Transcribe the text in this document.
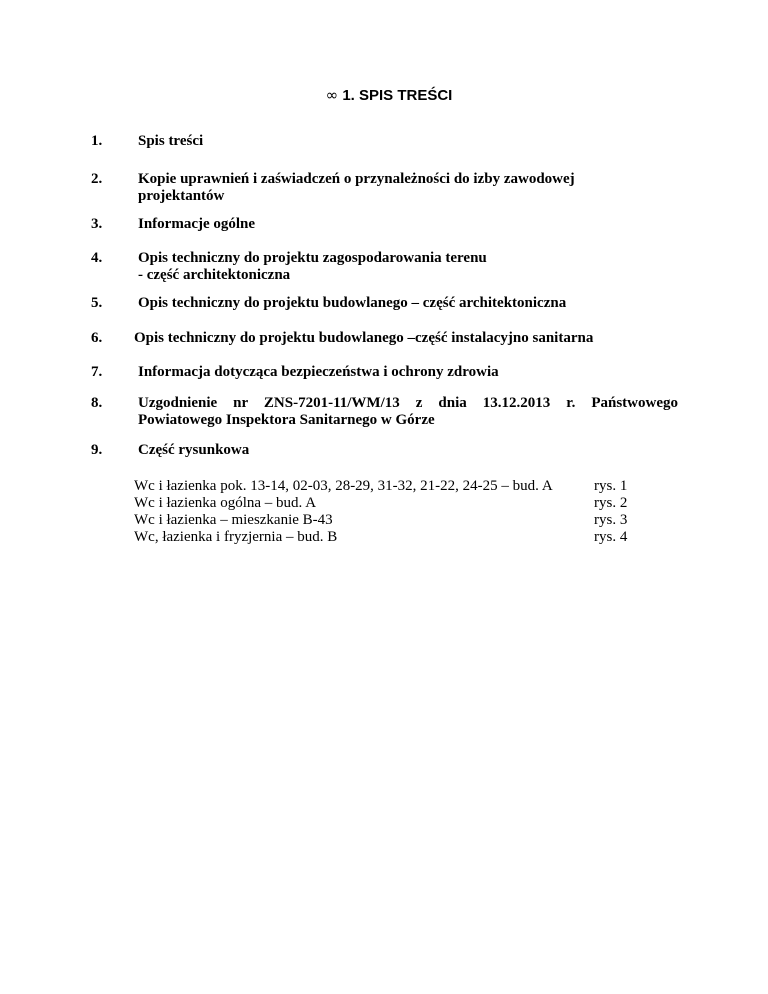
∞ 1. SPIS TREŚCI
1. Spis treści
2. Kopie uprawnień i zaświadczeń o przynależności do izby zawodowej
projektantów
3. Informacje ogólne
4. Opis techniczny do projektu zagospodarowania terenu
- część architektoniczna
5. Opis techniczny do projektu budowlanego – część architektoniczna
6. Opis techniczny do projektu budowlanego –część instalacyjno sanitarna
7. Informacja dotycząca bezpieczeństwa i ochrony zdrowia
8. Uzgodnienie nr ZNS-7201-11/WM/13 z dnia 13.12.2013 r. Państwowego
Powiatowego Inspektora Sanitarnego w Górze
9. Część rysunkowa
Wc i łazienka pok. 13-14, 02-03, 28-29, 31-32, 21-22, 24-25 – bud. A	rys. 1
Wc i łazienka ogólna – bud. A	rys. 2
Wc i łazienka – mieszkanie B-43	rys. 3
Wc, łazienka i fryzjernia – bud. B	rys. 4
